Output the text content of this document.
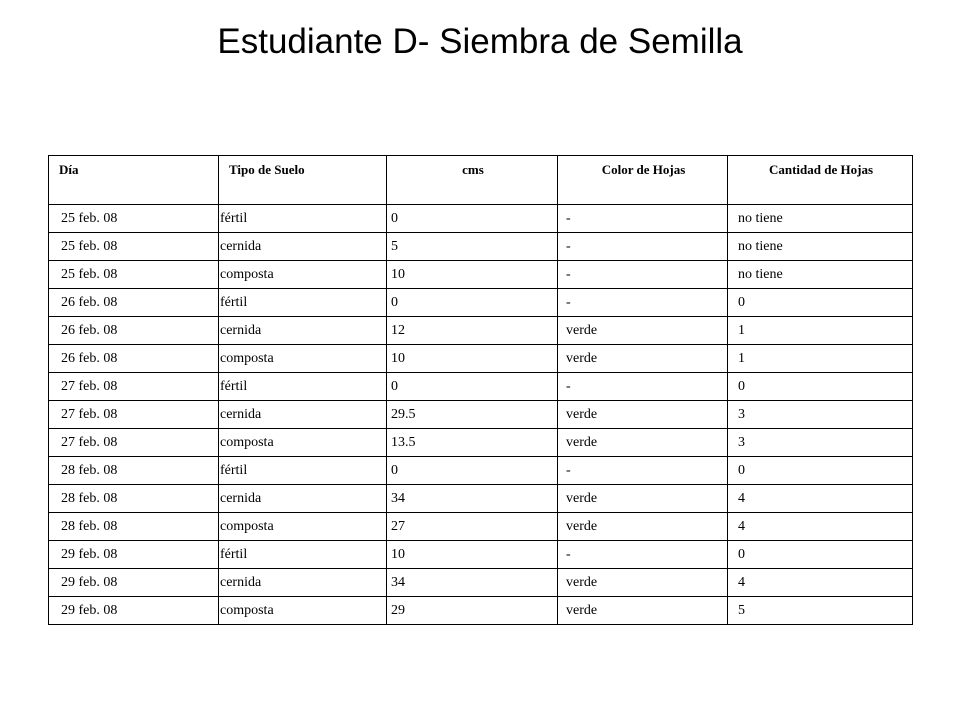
Estudiante D- Siembra de Semilla
Día	Tipo de Suelo	cms	Color de Hojas	Cantidad de Hojas
25 feb. 08	fértil	0	-	no tiene
25 feb. 08	cernida	5	-	no tiene
25 feb. 08	composta	10	-	no tiene
26 feb. 08	fértil	0	-	0
26 feb. 08	cernida	12	verde	1
26 feb. 08	composta	10	verde	1
27 feb. 08	fértil	0	-	0
27 feb. 08	cernida	29.5	verde	3
27 feb. 08	composta	13.5	verde	3
28 feb. 08	fértil	0	-	0
28 feb. 08	cernida	34	verde	4
28 feb. 08	composta	27	verde	4
29 feb. 08	fértil	10	-	0
29 feb. 08	cernida	34	verde	4
29 feb. 08	composta	29	verde	5
